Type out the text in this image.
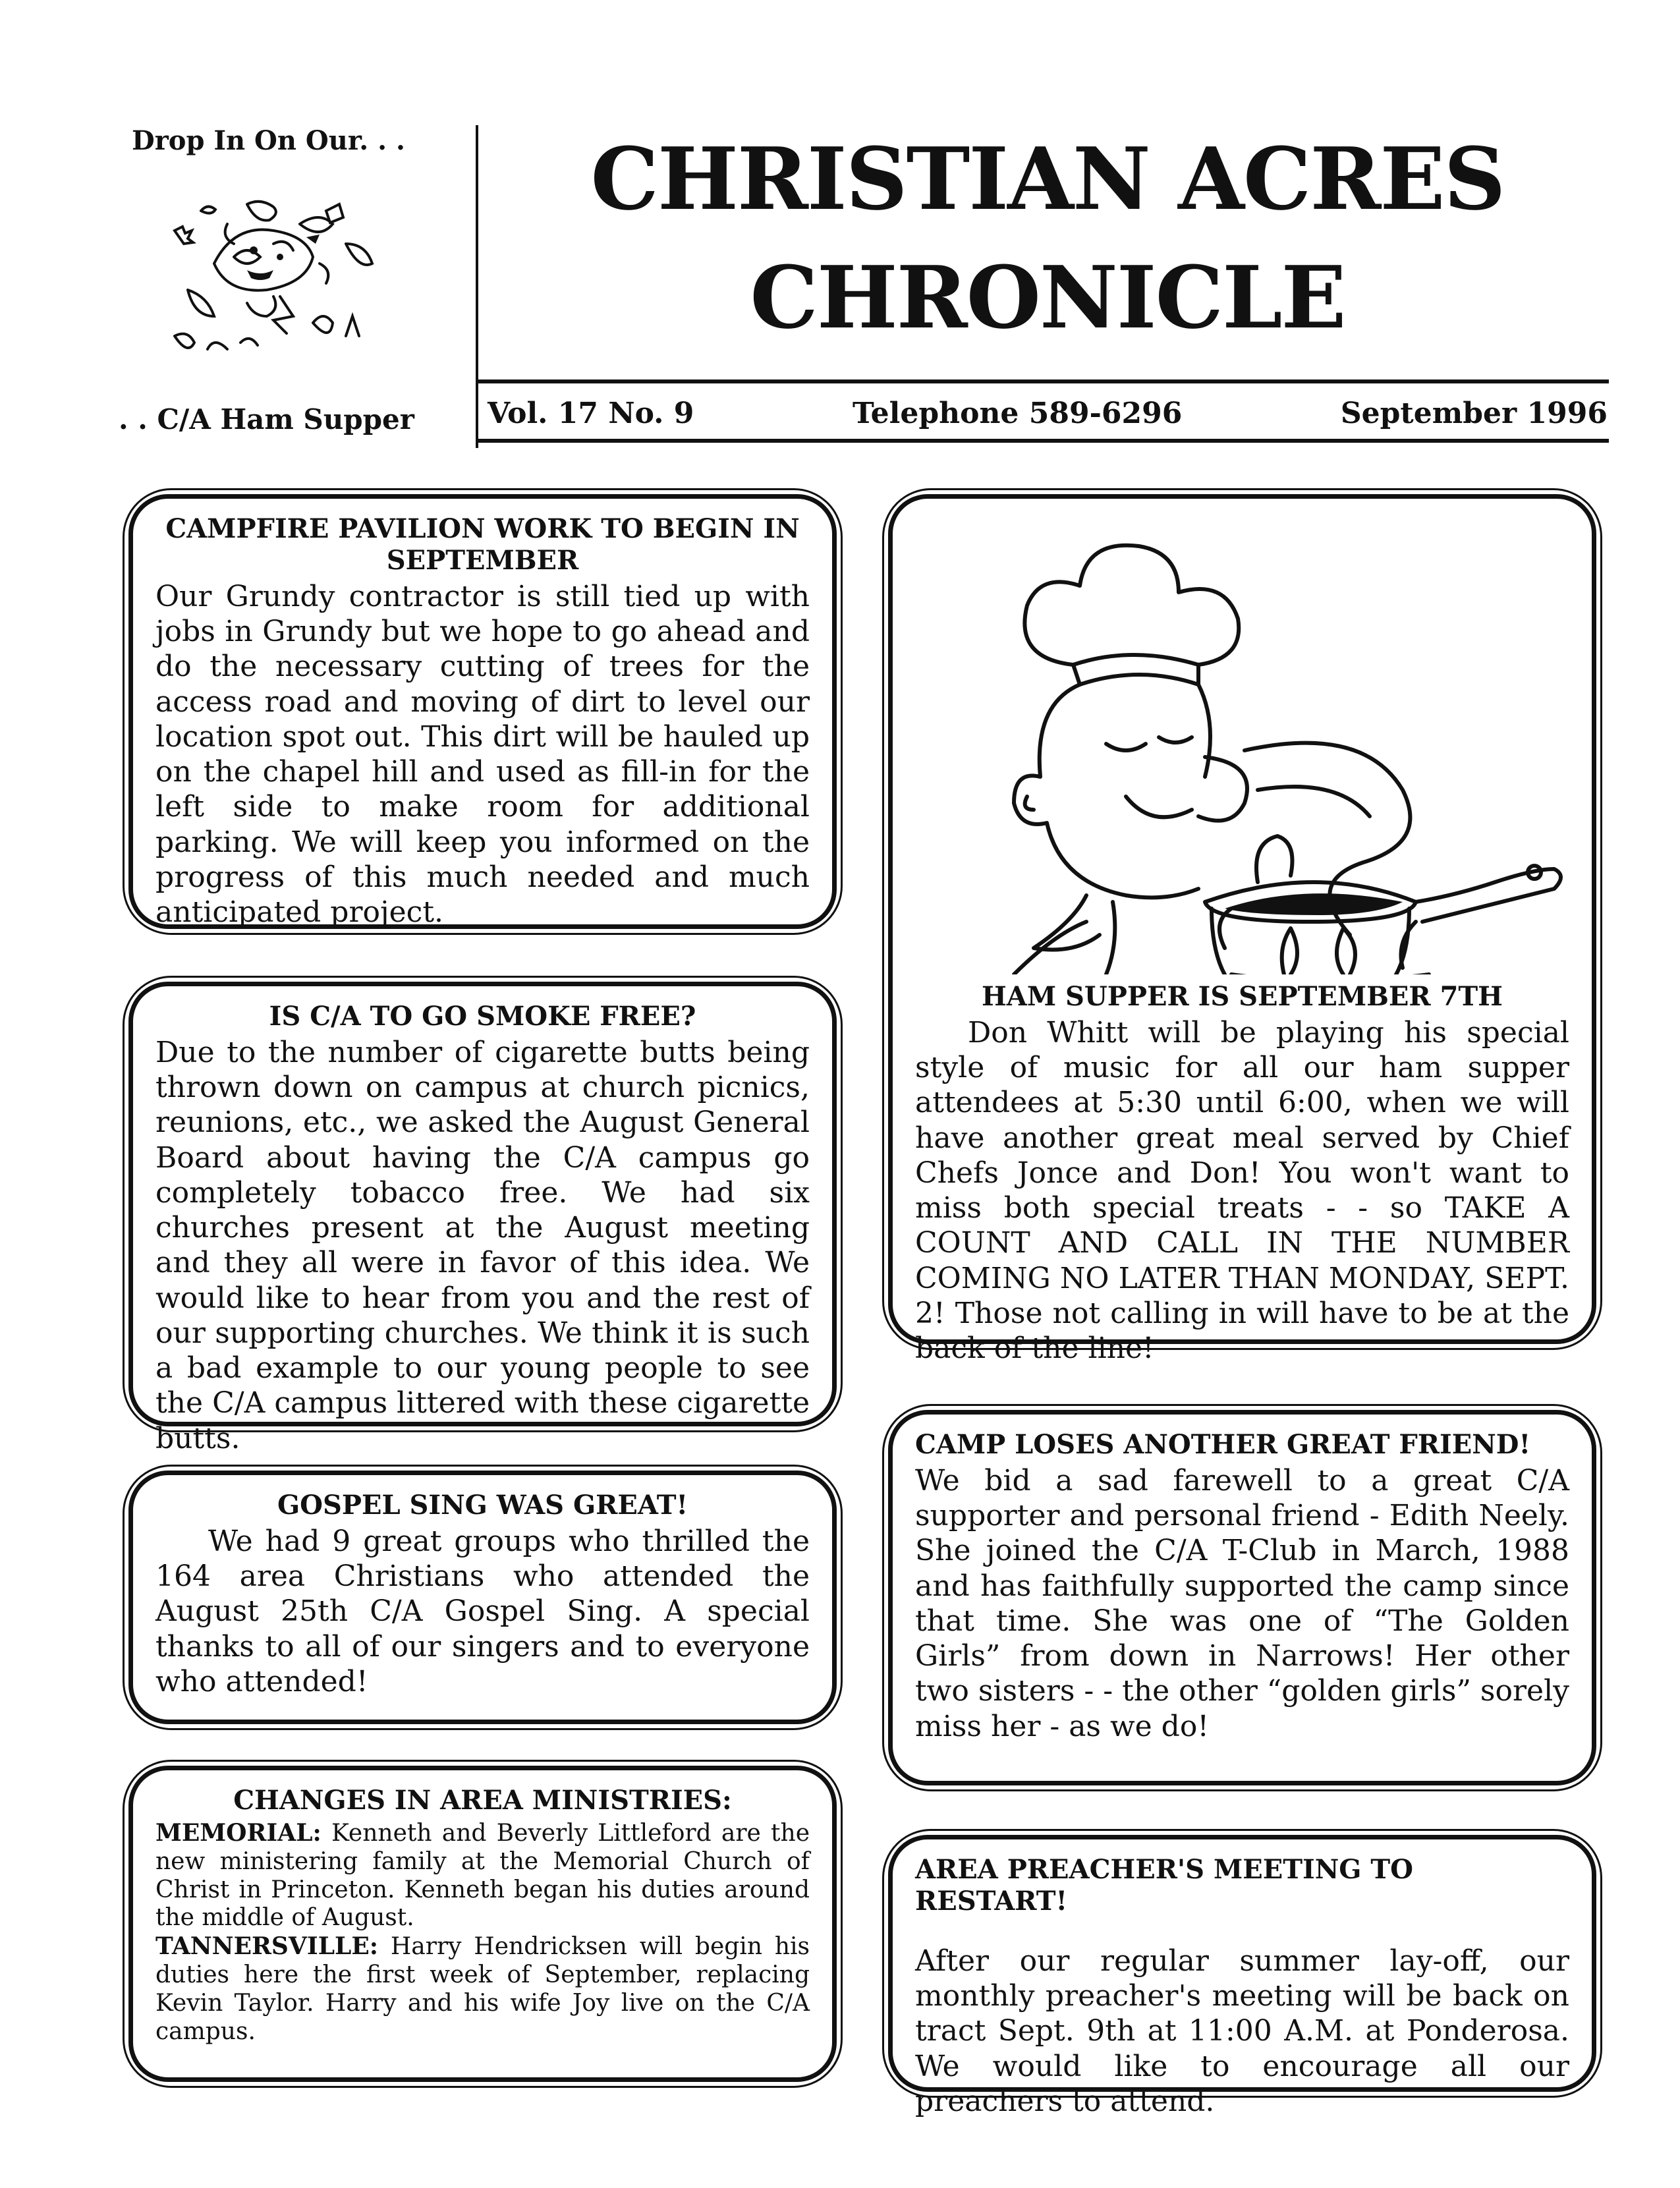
Drop In On Our. . .
. . C/A Ham Supper
CHRISTIAN ACRES
CHRONICLE
Vol. 17 No. 9	Telephone 589-6296	September 1996
CAMPFIRE PAVILION WORK TO BEGIN IN SEPTEMBER
Our Grundy contractor is still tied up with jobs in Grundy but we hope to go ahead and do the necessary cutting of trees for the access road and moving of dirt to level our location spot out. This dirt will be hauled up on the chapel hill and used as fill-in for the left side to make room for additional parking. We will keep you informed on the progress of this much needed and much anticipated project.
IS C/A TO GO SMOKE FREE?
Due to the number of cigarette butts being thrown down on campus at church picnics, reunions, etc., we asked the August General Board about having the C/A campus go completely tobacco free. We had six churches present at the August meeting and they all were in favor of this idea. We would like to hear from you and the rest of our supporting churches. We think it is such a bad example to our young people to see the C/A campus littered with these cigarette butts.
GOSPEL SING WAS GREAT!
We had 9 great groups who thrilled the 164 area Christians who attended the August 25th C/A Gospel Sing. A special thanks to all of our singers and to everyone who attended!
CHANGES IN AREA MINISTRIES:
MEMORIAL: Kenneth and Beverly Littleford are the new ministering family at the Memorial Church of Christ in Princeton. Kenneth began his duties around the middle of August.
TANNERSVILLE: Harry Hendricksen will begin his duties here the first week of September, replacing Kevin Taylor. Harry and his wife Joy live on the C/A campus.
HAM SUPPER IS SEPTEMBER 7TH
Don Whitt will be playing his special style of music for all our ham supper attendees at 5:30 until 6:00, when we will have another great meal served by Chief Chefs Jonce and Don! You won't want to miss both special treats - - so TAKE A COUNT AND CALL IN THE NUMBER COMING NO LATER THAN MONDAY, SEPT. 2! Those not calling in will have to be at the back of the line!
CAMP LOSES ANOTHER GREAT FRIEND!
We bid a sad farewell to a great C/A supporter and personal friend - Edith Neely. She joined the C/A T-Club in March, 1988 and has faithfully supported the camp since that time. She was one of “The Golden Girls” from down in Narrows! Her other two sisters - - the other “golden girls” sorely miss her - as we do!
AREA PREACHER'S MEETING TO RESTART!
After our regular summer lay-off, our monthly preacher's meeting will be back on tract Sept. 9th at 11:00 A.M. at Ponderosa. We would like to encourage all our preachers to attend.
